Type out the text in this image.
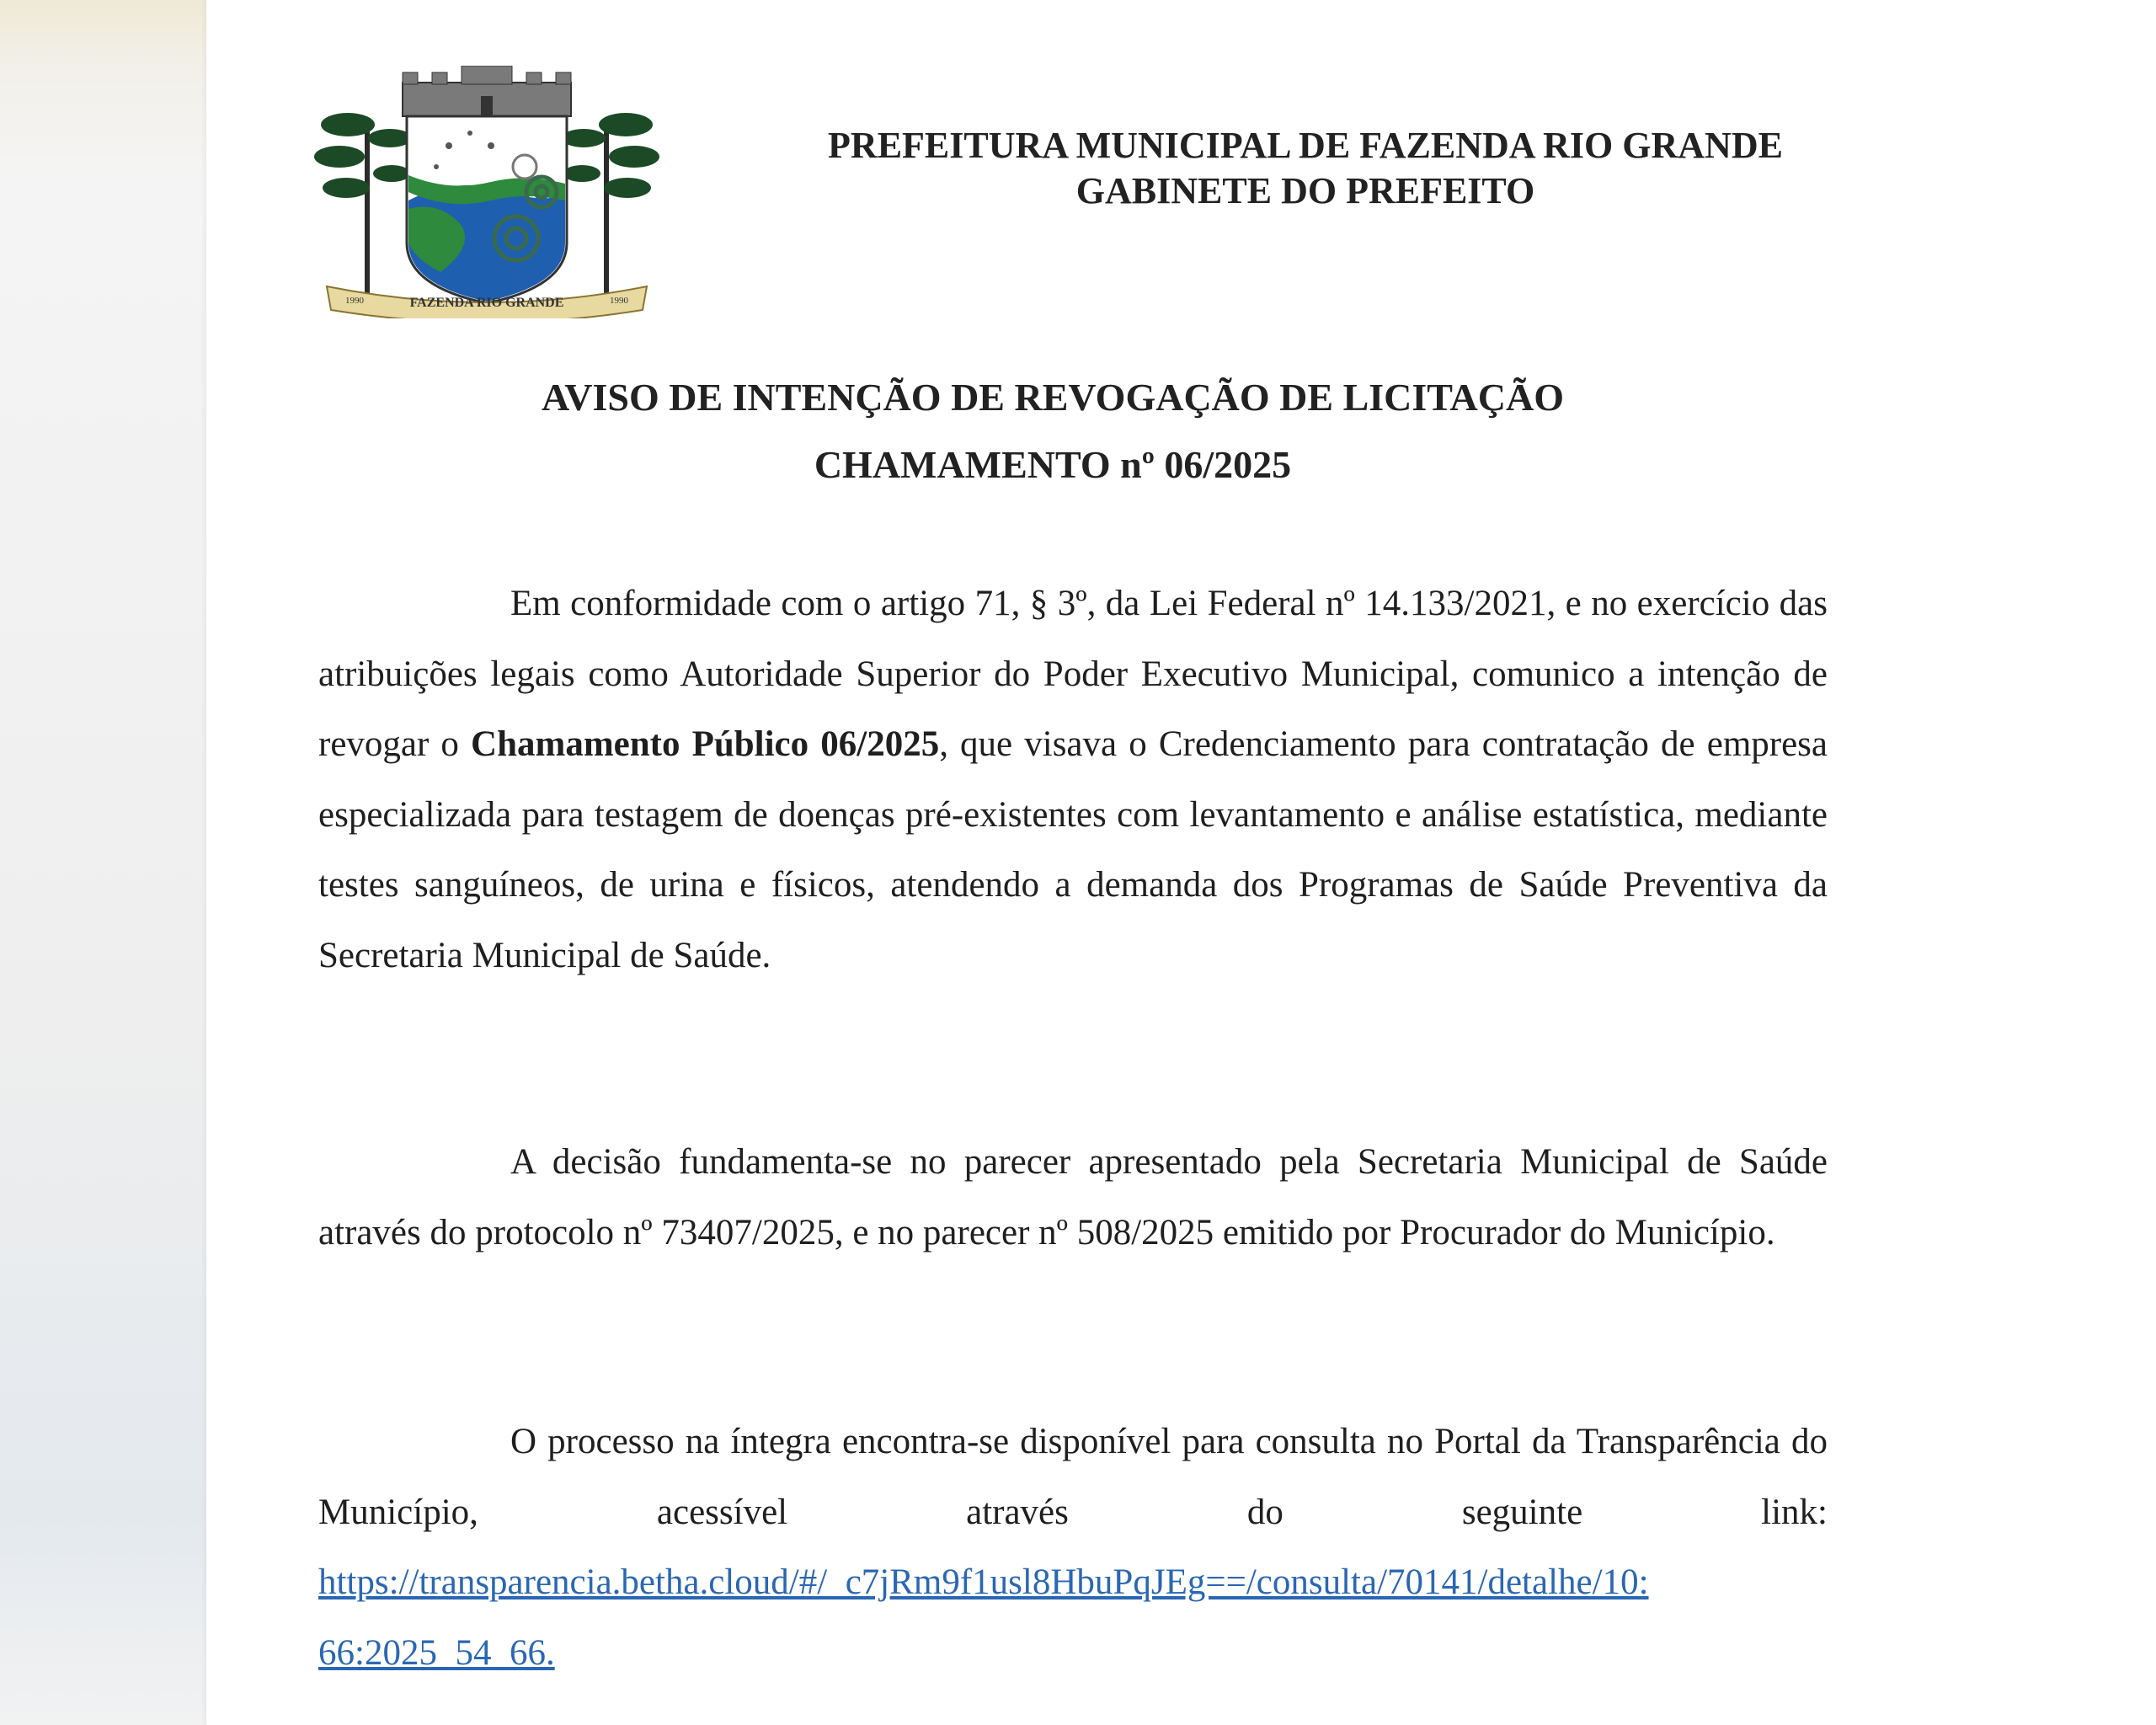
FAZENDA RIO GRANDE
1990	1990
PREFEITURA MUNICIPAL DE FAZENDA RIO GRANDE
GABINETE DO PREFEITO
AVISO DE INTENÇÃO DE REVOGAÇÃO DE LICITAÇÃO
CHAMAMENTO nº 06/2025
Em conformidade com o artigo 71, § 3º, da Lei Federal nº 14.133/2021, e no exercício das atribuições legais como Autoridade Superior do Poder Executivo Municipal, comunico a intenção de revogar o Chamamento Público 06/2025, que visava o Credenciamento para contratação de empresa especializada para testagem de doenças pré-existentes com levantamento e análise estatística, mediante testes sanguíneos, de urina e físicos, atendendo a demanda dos Programas de Saúde Preventiva da Secretaria Municipal de Saúde.
A decisão fundamenta-se no parecer apresentado pela Secretaria Municipal de Saúde através do protocolo nº 73407/2025, e no parecer nº 508/2025 emitido por Procurador do Município.
O processo na íntegra encontra-se disponível para consulta no Portal da Transparência do Município, acessível através do seguinte link:
https://transparencia.betha.cloud/#/_c7jRm9f1usl8HbuPqJEg==/consulta/70141/detalhe/10:
66:2025_54_66.
